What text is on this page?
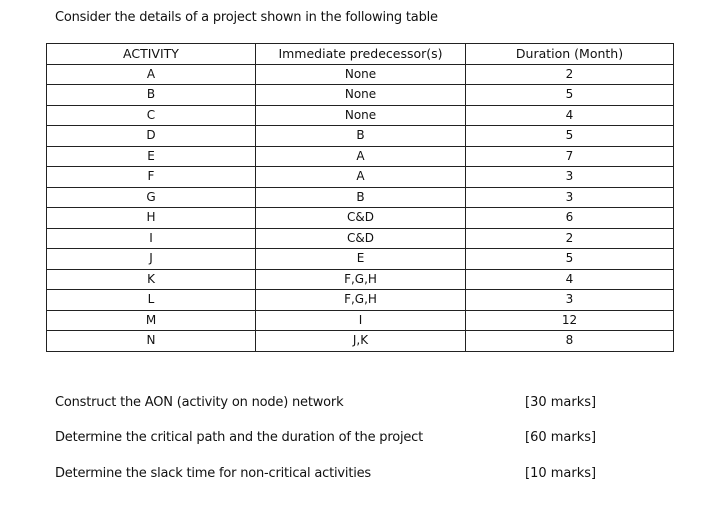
Consider the details of a project shown in the following table
ACTIVITY	Immediate predecessor(s)	Duration (Month)
A	None	2
B	None	5
C	None	4
D	B	5
E	A	7
F	A	3
G	B	3
H	C&D	6
I	C&D	2
J	E	5
K	F,G,H	4
L	F,G,H	3
M	I	12
N	J,K	8
Construct the AON (activity on node) network	[30 marks]
Determine the critical path and the duration of the project	[60 marks]
Determine the slack time for non-critical activities	[10 marks]
